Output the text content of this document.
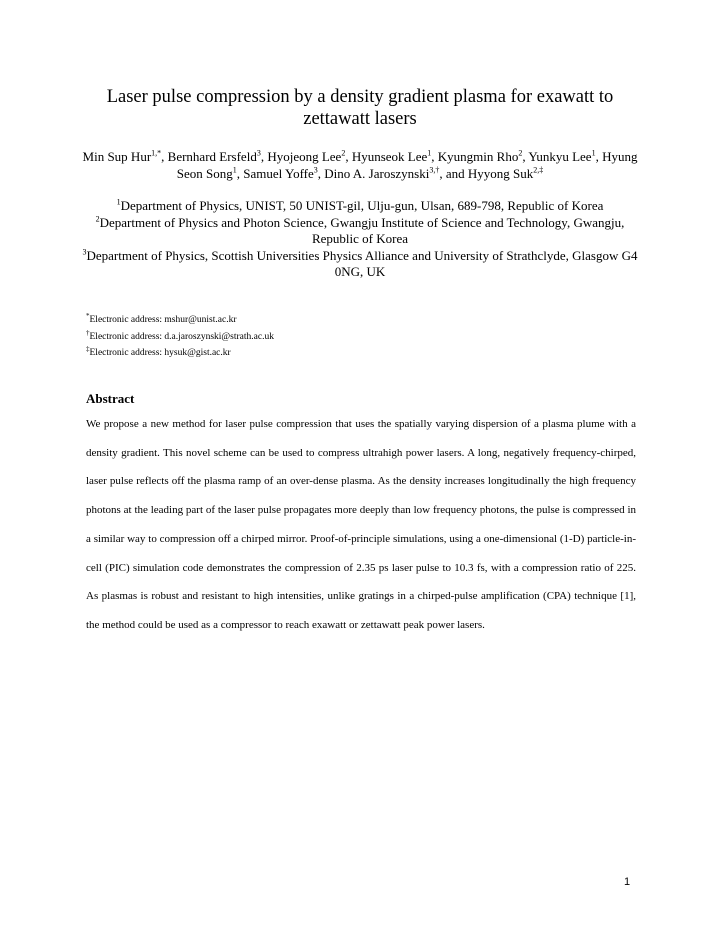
Laser pulse compression by a density gradient plasma for exawatt to zettawatt lasers
Min Sup Hur$^{1,*}$, Bernhard Ersfeld$^3$, Hyojeong Lee$^2$, Hyunseok Lee$^1$, Kyungmin Rho$^2$, Yunkyu Lee$^1$, Hyung Seon Song$^1$, Samuel Yoffe$^3$, Dino A. Jaroszynski$^{3,\dagger}$, and Hyyong Suk$^{2,\ddagger}$
$^1$Department of Physics, UNIST, 50 UNIST-gil, Ulju-gun, Ulsan, 689-798, Republic of Korea
$^2$Department of Physics and Photon Science, Gwangju Institute of Science and Technology, Gwangju, Republic of Korea
$^3$Department of Physics, Scottish Universities Physics Alliance and University of Strathclyde, Glasgow G4 0NG, UK
*Electronic address: mshur@unist.ac.kr
†Electronic address: d.a.jaroszynski@strath.ac.uk
‡Electronic address: hysuk@gist.ac.kr
Abstract
We propose a new method for laser pulse compression that uses the spatially varying dispersion of a plasma plume with a density gradient. This novel scheme can be used to compress ultrahigh power lasers. A long, negatively frequency-chirped, laser pulse reflects off the plasma ramp of an over-dense plasma. As the density increases longitudinally the high frequency photons at the leading part of the laser pulse propagates more deeply than low frequency photons, the pulse is compressed in a similar way to compression off a chirped mirror. Proof-of-principle simulations, using a one-dimensional (1-D) particle-in-cell (PIC) simulation code demonstrates the compression of 2.35 ps laser pulse to 10.3 fs, with a compression ratio of 225. As plasmas is robust and resistant to high intensities, unlike gratings in a chirped-pulse amplification (CPA) technique [1], the method could be used as a compressor to reach exawatt or zettawatt peak power lasers.
1
